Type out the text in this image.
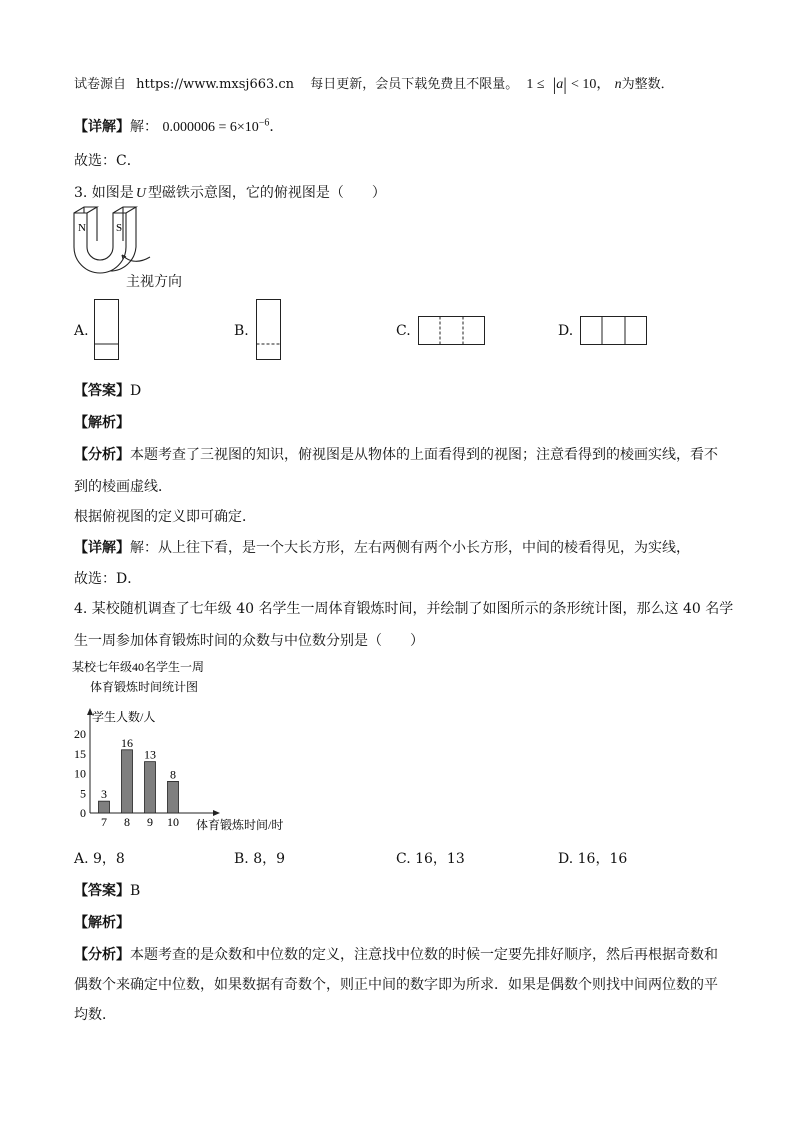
试卷源自 https://www.mxsj663.cn 每日更新，会员下载免费且不限量。 1 ≤ |a| < 10， n为整数．
【详解】解： $0.000006 = 6\times 10^{-6}$．
故选：C．
3. 如图是 U 型磁铁示意图，它的俯视图是（　　）
N	S
主视方向
A.	B.	C.	D.
【答案】D
【解析】
【分析】本题考查了三视图的知识，俯视图是从物体的上面看得到的视图；注意看得到的棱画实线，看不
到的棱画虚线．
根据俯视图的定义即可确定．
【详解】解：从上往下看，是一个大长方形，左右两侧有两个小长方形，中间的棱看得见，为实线，
故选：D．
4. 某校随机调查了七年级 40 名学生一周体育锻炼时间，并绘制了如图所示的条形统计图，那么这 40 名学
生一周参加体育锻炼时间的众数与中位数分别是（　　）
某校七年级40名学生一周
体育锻炼时间统计图
学生人数/人
体育锻炼时间/时
0
5
10
15
20
3
7
16
8
13
9
8
10
A. 9，8	B. 8，9	C. 16，13	D. 16，16
【答案】B
【解析】
【分析】本题考查的是众数和中位数的定义，注意找中位数的时候一定要先排好顺序，然后再根据奇数和
偶数个来确定中位数，如果数据有奇数个，则正中间的数字即为所求．如果是偶数个则找中间两位数的平
均数．
